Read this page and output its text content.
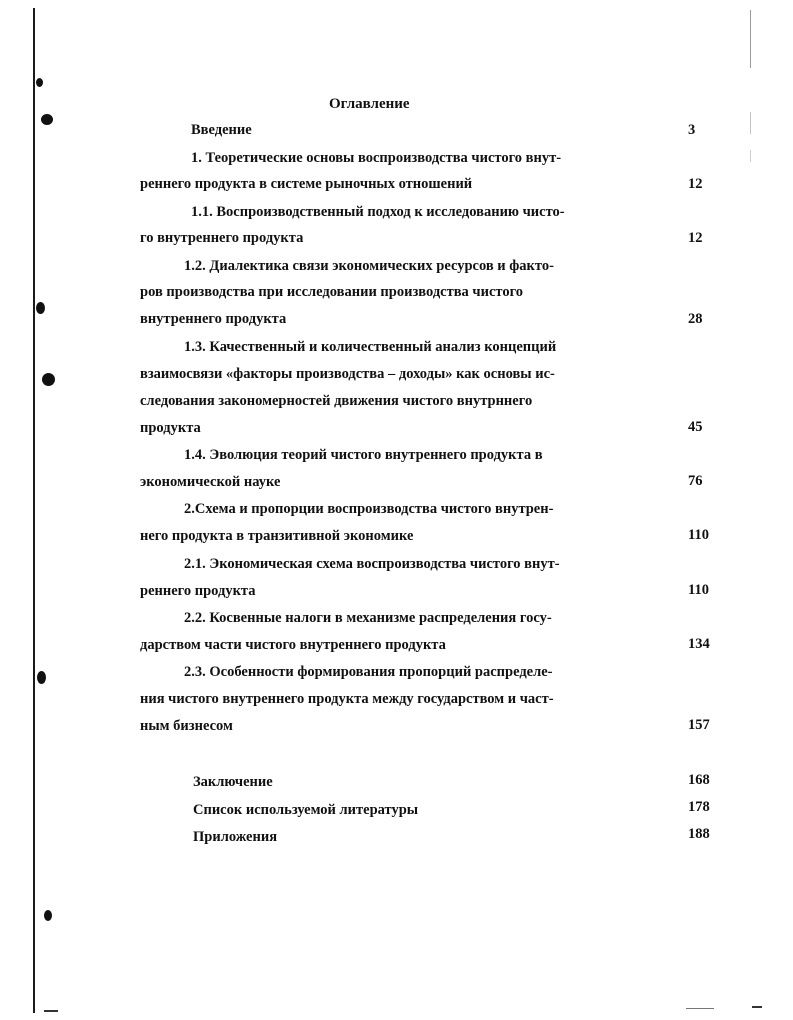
Оглавление
Введение	3
1. Теоретические основы воспроизводства чистого внут-
реннего продукта в системе рыночных отношений	12
1.1. Воспроизводственный подход к исследованию чисто-
го внутреннего продукта	12
1.2. Диалектика связи экономических ресурсов и факто-
ров производства при исследовании производства чистого
внутреннего продукта	28
1.3. Качественный и количественный анализ концепций
взаимосвязи «факторы производства – доходы» как основы ис-
следования закономерностей движения чистого внутрннего
продукта	45
1.4. Эволюция теорий чистого внутреннего продукта в
экономической науке	76
2.Схема и пропорции воспроизводства чистого внутрен-
него продукта в транзитивной экономике	110
2.1. Экономическая схема воспроизводства чистого внут-
реннего продукта	110
2.2. Косвенные налоги в механизме распределения госу-
дарством части чистого внутреннего продукта	134
2.3. Особенности формирования пропорций распределе-
ния чистого внутреннего продукта между государством и част-
ным бизнесом	157
Заключение	168
Список используемой литературы	178
Приложения	188
